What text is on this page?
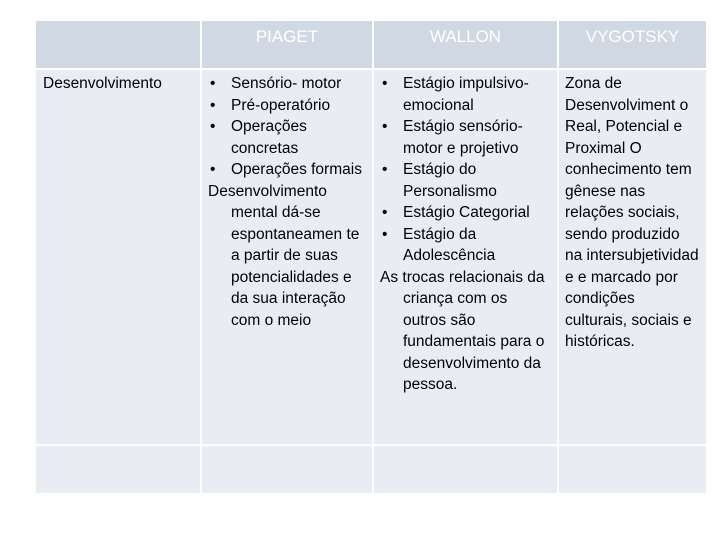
PIAGET	WALLON	VYGOTSKY
Desenvolvimento
•	Sensório- motor
• Pré-operatório
• Operações concretas
• Operações formais

Desenvolvimento mental dá-se espontaneamen te a partir de suas potencialidades e da sua interação com o meio

• Estágio impulsivo- emocional
• Estágio sensório- motor e projetivo
• Estágio do Personalismo
• Estágio Categorial
• Estágio da Adolescência

As trocas relacionais da criança com os outros são fundamentais para o desenvolvimento da pessoa.

Zona de Desenvolviment o Real, Potencial e Proximal O conhecimento tem gênese nas relações sociais, sendo produzido na intersubjetividad e e marcado por condições culturais, sociais e históricas.
